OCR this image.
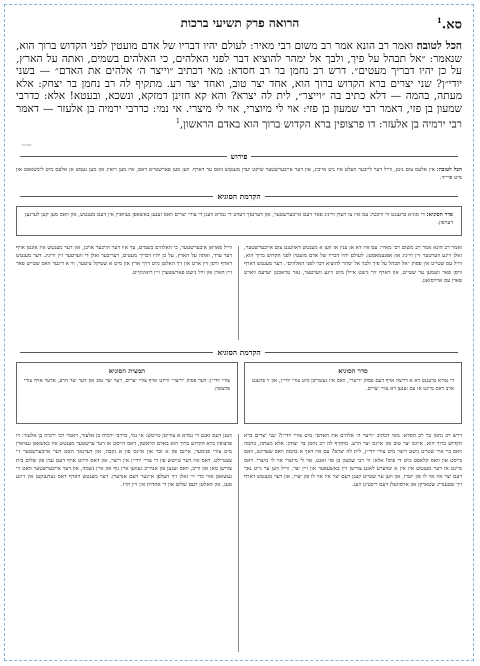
סא.$^1$
הרואה פרק תשיעי ברכות
הכל לטובה׃ ואמר רב הונא אמר רב משום רבי מאיר: לעולם יהיו דבריו של אדם מועטין לפני הקדוש ברוך הוא, שנאמר: ״אל תבהל על פיך, ולבך אל ימהר להוציא דבר לפני האלהים, כי האלהים בשמים, ואתה על הארץ, על כן יהיו דבריך מעטים״. דרש רב נחמן בר רב חסדא: מאי דכתיב ״וייצר ה׳ אלהים את האדם״ — בשני יודי״ן? שני יצרים ברא הקדוש ברוך הוא, אחד יצר טוב, ואחד יצר רע. מתקיף לה רב נחמן בר יצחק: אלא מעתה, בהמה — דלא כתיב בה ״וייצר״, לית לה יצרא? והא קא חזינן דמזקא, ונשכא, ובעטא! אלא: כדרבי שמעון בן פזי, דאמר רבי שמעון בן פזי: אוי לי מיוצרי, אוי לי מיצרי. אי נמי: כדרבי ירמיה בן אלעזר — דאמר רבי ירמיה בן אלעזר: דו פרצופין ברא הקדוש ברוך הוא באדם הראשון,$^1$
אודות
פירוש
הכל לטובה: אין אלעס צום גוטן, ווייל דער לייבער וועלט איז ניט אייביג, און דער אייבערשטער שיקט יעדן מענטש וואס ער דארף. ווען מען פארשטייט דאס, איז מען רואיג און מען נעמט אן אלעס מיט ליבשאפט און מיט פרייד.
הקדמת הסוגיא
סדר הסוגיא: די סוגיא ברענגט ווי וויכטיג עס איז צו רעדן ווייניג פאר דעם אייבערשטער, און דערנאך רעדט די גמרא וועגן די צוויי יצרים וואס זענען באשאפן געווארן אין דעם מענטש, און וואס מען קען לערנען דערפון.
ואמר רב הונא אמר רב משום רבי מאיר: עס איז דא אן ענין אז ווען א מענטש דאווענט צום אייבערשטער, זאלן זיינע ווערטער זיין ווייניג און אפגעמאסטן. לעולם יהיו דבריו של אדם מועטין לפני הקדוש ברוך הוא, ווייל עס שטייט אין פסוק ״אל תבהל על פיך ולבך אל ימהר להוציא דבר לפני האלהים״. דער מענטש דארף וויסן פאר וועמען ער שטייט, און דארף זיך נישט איילן מיט זיינע ווערטער, נאר טראכטן יעדעס ווארט פארן עס ארויסזאגן.
ווייל פאראן איבערשטער, כי האלהים בשמים, ער איז דער הויכער אויבן, און דער מענטש איז אונטן אויף דער ערד, ואתה על הארץ. על כן יהיו דבריך מעטים, דעריבער זאלן די ווערטער זיין ווייניג. דער מענטש דארף וויסן זיין ארט און זיך האלטן מיט דרך ארץ און מיט א שטיקל ציטער, ווי א דינער וואס שטייט פאר זיין הארן און וויל נישט פארשטערן זיין רואיגקייט.
הקדמת הסוגיא
סדר הסוגיא
די גמרא ברענגט דא א דרשה אויף דעם פסוק ״וייצר״, וואס איז געשריבן מיט צוויי יודי״ן, און זי פרעגט אויב דאס מיינט אז עס זענען דא צוויי יצרים.
תמצית הסוגיא
צוויי יודי״ן: דער פסוק ״וייצר״ ווייזט אויף צוויי יצרים, דער יצר טוב און דער יצר הרע, אדער אויף צוויי פרצופין.
דרש רב נחמן בר רב חסדא: מאי דכתיב ״וייצר ה׳ אלהים את האדם״ מיט צוויי יודי״ן? שני יצרים ברא הקדוש ברוך הוא, איינס יצר טוב און איינס יצר הרע. מתקיף לה רב נחמן בר יצחק: אלא מעתה, בהמה וואס ביי איר שטייט נישט וייצר מיט צוויי יודי״ן, לית לה יצרא? עס איז דאך א בהמה וואס שעדיגט, וואס בייסט און וואס קלאפט מיט די פיס! אלא: ווי רבי שמעון בן פזי זאגט, אוי לי מיוצרי אוי לי מיצרי. דאס מיינט אז דער מענטש איז אין א שווערע לאגע צווישן זיין באשעפער און זיין יצר, ווייל ווען ער גייט נאך דעם יצר איז אוי לו פון יוצרו, און ווען ער שטייט קעגן דעם יצר איז אוי לו פון יצרו, און דער מענטש דארף זיך שטענדיג שטארקן און אויסוועלן דעם ריכטיגן וועג.
וועגן דעם זאגט די גמרא א צווייטן טייטש: אי נמי, כדרבי ירמיה בן אלעזר, דאמר רבי ירמיה בן אלעזר: דו פרצופין ברא הקדוש ברוך הוא באדם הראשון, דאס הייסט אז דער ערשטער מענטש איז באשאפן געווארן מיט צוויי פנימער, איינס פון א זכר און איינס פון א נקבה, און דערנאך האט דער אייבערשטער זיי צעטיילט. דאס איז דער טייטש פון די צוויי יודי״ן אין וייצר, און דאס ווייזט אויף דעם ענין פון שלום בית צווישן מאן און ווייב, וואס זענען פון אנהייב געווען איין גוף און איין נשמה, און דער אייבערשטער האט זיי געשאפן אזוי כדי זיי זאלן זיך העלפן איינער דעם אנדערן. דער מענטש דארף דאס געדענקען אין זיינע טעג, און האלטן דעם שלום און די אחדות אין זיין הויז.
